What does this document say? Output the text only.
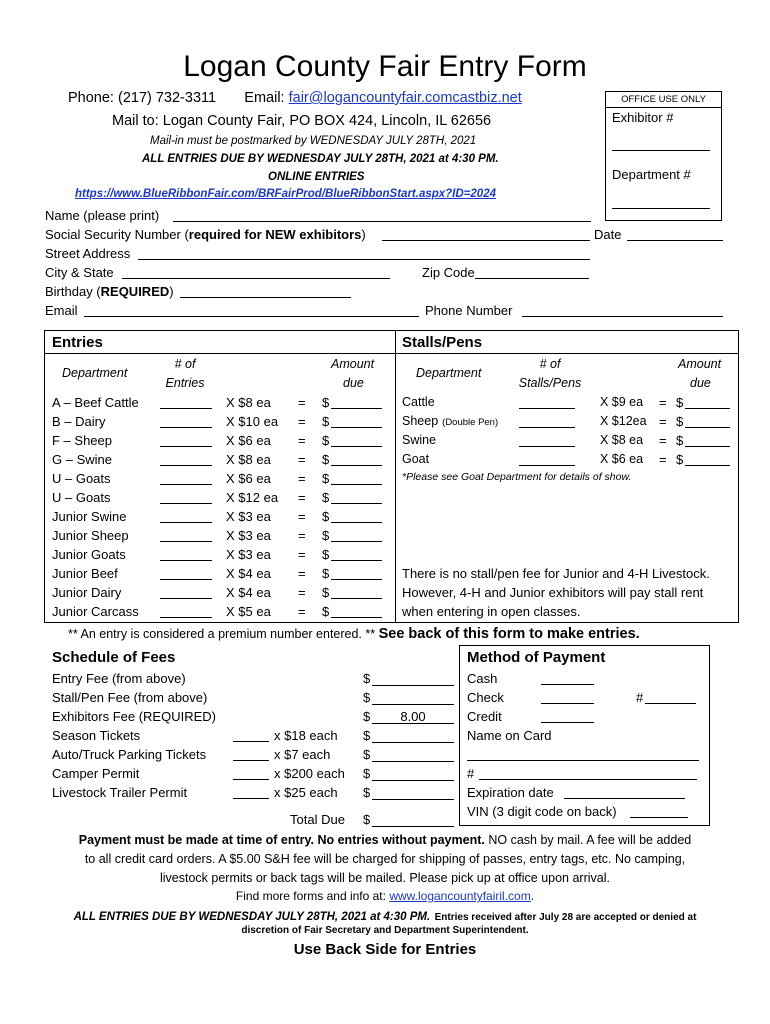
Logan County Fair Entry Form
Phone: (217) 732-3311 Email: fair@logancountyfair.comcastbiz.net
Mail to: Logan County Fair, PO BOX 424, Lincoln, IL 62656
Mail-in must be postmarked by WEDNESDAY JULY 28TH, 2021
ALL ENTRIES DUE BY WEDNESDAY JULY 28TH, 2021 at 4:30 PM.
ONLINE ENTRIES
https://www.BlueRibbonFair.com/BRFairProd/BlueRibbonStart.aspx?ID=2024
OFFICE USE ONLY
Exhibitor #
Department #
Name (please print)
Social Security Number (required for NEW exhibitors)	Date
Street Address
City & State	Zip Code
Birthday (REQUIRED)
Email	Phone Number
Entries
Department
# of
Entries
Amount
due
A – Beef Cattle	X $8 ea = $
B – Dairy	X $10 ea = $
F – Sheep	X $6 ea = $
G – Swine	X $8 ea = $
U – Goats	X $6 ea = $
U – Goats	X $12 ea = $
Junior Swine	X $3 ea = $
Junior Sheep	X $3 ea = $
Junior Goats	X $3 ea = $
Junior Beef	X $4 ea = $
Junior Dairy	X $4 ea = $
Junior Carcass	X $5 ea = $
Stalls/Pens
Department
# of
Stalls/Pens
Amount
due
Cattle	X $9 ea = $
Sheep (Double Pen)	X $12ea = $
Swine	X $8 ea = $
Goat	X $6 ea = $
*Please see Goat Department for details of show.
There is no stall/pen fee for Junior and 4-H Livestock.
However, 4-H and Junior exhibitors will pay stall rent
when entering in open classes.
** An entry is considered a premium number entered. ** See back of this form to make entries.
Schedule of Fees
Entry Fee (from above)	$
Stall/Pen Fee (from above)	$
Exhibitors Fee (REQUIRED)	$	8.00
Season Tickets	x $18 each $
Auto/Truck Parking Tickets	x $7 each	$
Camper Permit	x $200 each $
Livestock Trailer Permit	x $25 each $
Total Due $
Method of Payment
Cash
Check	#
Credit
Name on Card
#
Expiration date
VIN (3 digit code on back)
Payment must be made at time of entry. No entries without payment. NO cash by mail. A fee will be added
to all credit card orders. A $5.00 S&H fee will be charged for shipping of passes, entry tags, etc. No camping,
livestock permits or back tags will be mailed. Please pick up at office upon arrival.
Find more forms and info at: www.logancountyfairil.com.
ALL ENTRIES DUE BY WEDNESDAY JULY 28TH, 2021 at 4:30 PM. Entries received after July 28 are accepted or denied at
discretion of Fair Secretary and Department Superintendent.
Use Back Side for Entries
